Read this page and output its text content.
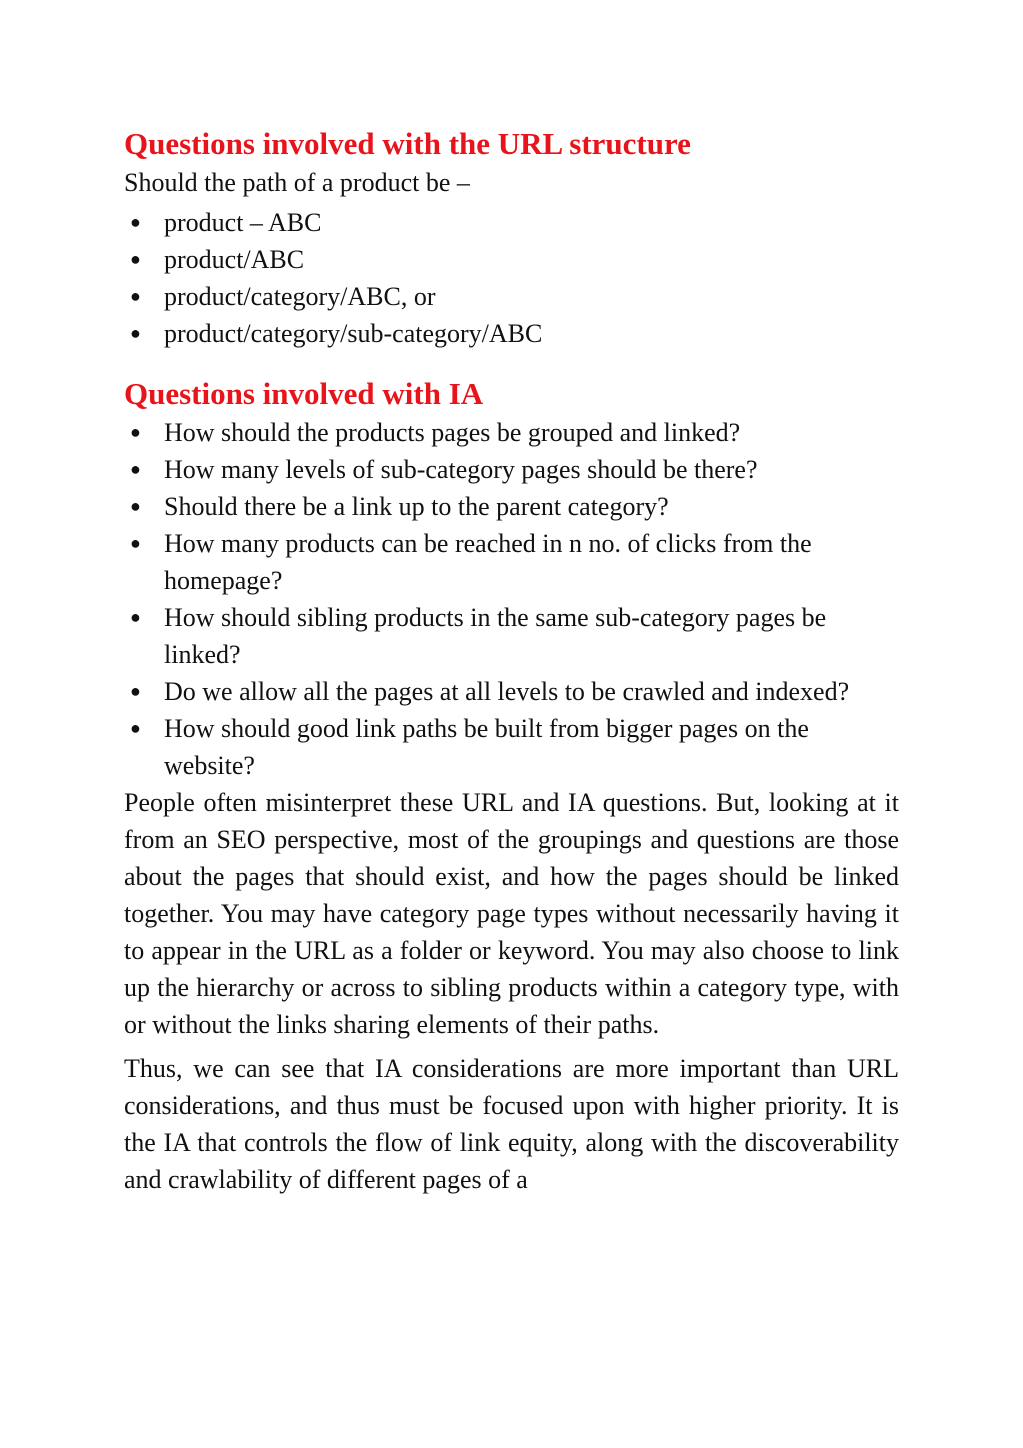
Questions involved with the URL structure

Should the path of a product be –

● product – ABC
● product/ABC
● product/category/ABC, or
● product/category/sub-category/ABC
Questions involved with IA
● How should the products pages be grouped and linked?
● How many levels of sub-category pages should be there?
● Should there be a link up to the parent category?
● How many products can be reached in n no. of clicks from the homepage?
● How should sibling products in the same sub-category pages be linked?
● Do we allow all the pages at all levels to be crawled and indexed?
● How should good link paths be built from bigger pages on the website?

People often misinterpret these URL and IA questions. But, looking at it from an SEO perspective, most of the groupings and questions are those about the pages that should exist, and how the pages should be linked together. You may have category page types without necessarily having it to appear in the URL as a folder or keyword. You may also choose to link up the hierarchy or across to sibling products within a category type, with or without the links sharing elements of their paths.

Thus, we can see that IA considerations are more important than URL considerations, and thus must be focused upon with higher priority. It is the IA that controls the flow of link equity, along with the discoverability and crawlability of different pages of a
